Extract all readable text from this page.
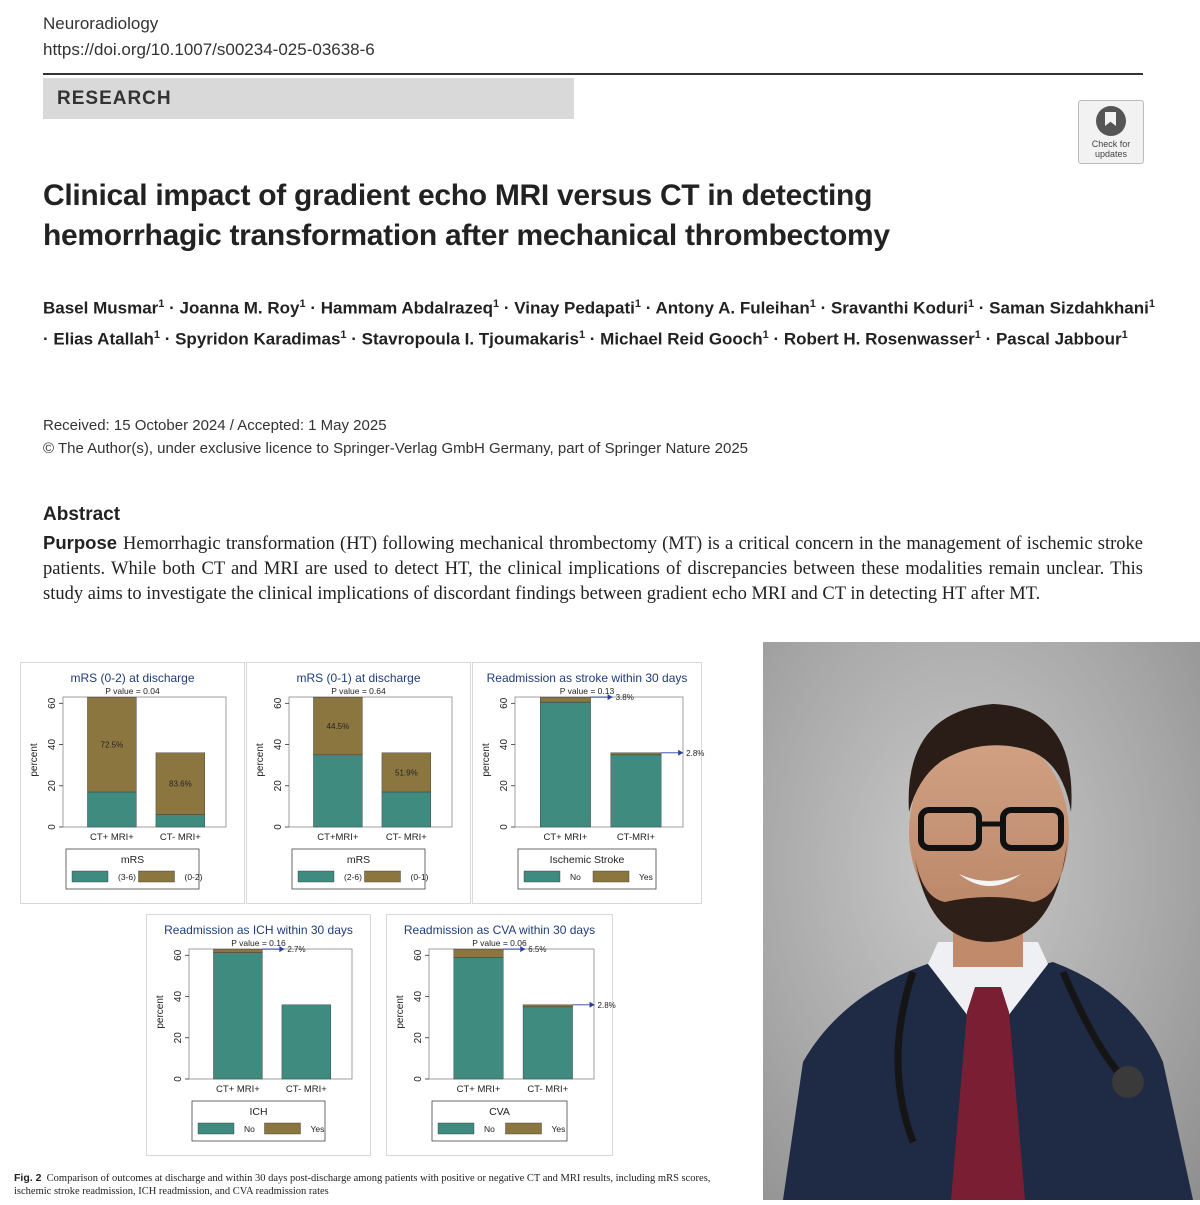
Neuroradiology
https://doi.org/10.1007/s00234-025-03638-6
RESEARCH
Check for updates
Clinical impact of gradient echo MRI versus CT in detecting hemorrhagic transformation after mechanical thrombectomy
Basel Musmar$^1$ · Joanna M. Roy$^1$ · Hammam Abdalrazeq$^1$ · Vinay Pedapati$^1$ · Antony A. Fuleihan$^1$ · Sravanthi Koduri$^1$ · Saman Sizdahkhani$^1$ · Elias Atallah$^1$ · Spyridon Karadimas$^1$ · Stavropoula I. Tjoumakaris$^1$ · Michael Reid Gooch$^1$ · Robert H. Rosenwasser$^1$ · Pascal Jabbour$^1$
Received: 15 October 2024 / Accepted: 1 May 2025
© The Author(s), under exclusive licence to Springer-Verlag GmbH Germany, part of Springer Nature 2025
Abstract
Purpose Hemorrhagic transformation (HT) following mechanical thrombectomy (MT) is a critical concern in the management of ischemic stroke patients. While both CT and MRI are used to detect HT, the clinical implications of discrepancies between these modalities remain unclear. This study aims to investigate the clinical implications of discordant findings between gradient echo MRI and CT in detecting HT after MT.
mRS (0-2) at discharge
P value = 0.04
0
20
40
60
percent
CT+ MRI+
72.5%
CT- MRI+
83.6%
mRS
(3-6)	(0-2)
mRS (0-1) at discharge
P value = 0.64
0
20
40
60
percent
CT+MRI+
44.5%
CT- MRI+
51.9%
mRS
(2-6)	(0-1)
Readmission as stroke within 30 days
P value = 0.13
0
20
40
60
percent
CT+ MRI+
3.8%
CT-MRI+
2.8%
Ischemic Stroke
No	Yes
Readmission as ICH within 30 days
P value = 0.16
0
20
40
60
percent
CT+ MRI+
2.7%
CT- MRI+
ICH
No	Yes
Readmission as CVA within 30 days
P value = 0.06
0
20
40
60
percent
CT+ MRI+
6.5%
CT- MRI+
2.8%
CVA
No	Yes
Fig. 2 Comparison of outcomes at discharge and within 30 days post-discharge among patients with positive or negative CT and MRI results, including mRS scores, ischemic stroke readmission, ICH readmission, and CVA readmission rates
